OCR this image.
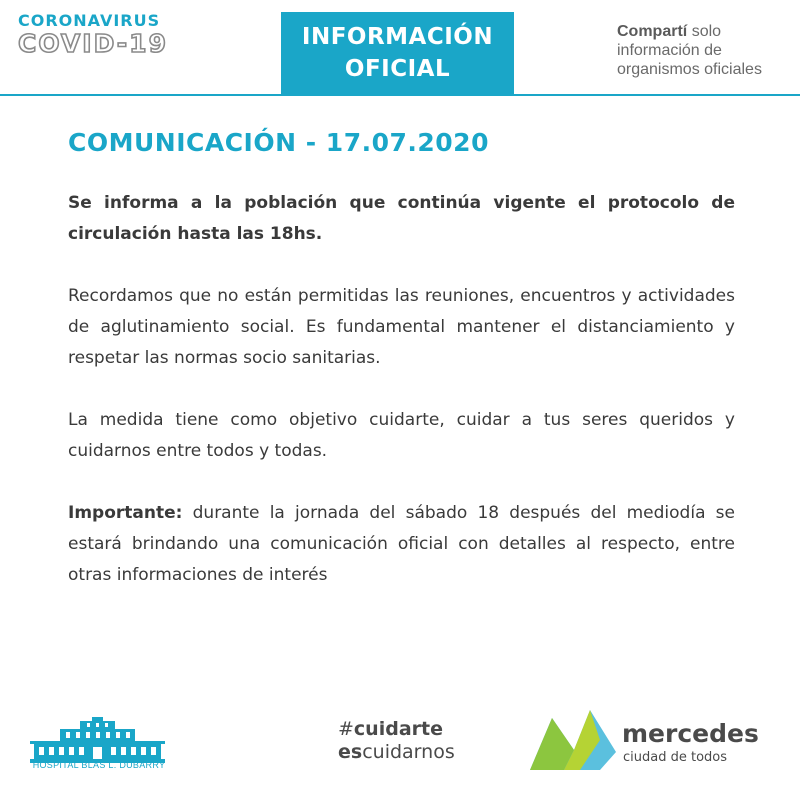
CORONAVIRUS
COVID-19	INFORMACIÓN
OFICIAL
Compartí solo
información de
organismos oficiales
COMUNICACIÓN - 17.07.2020

Se informa a la población que continúa vigente el protocolo de circulación hasta las 18hs.

Recordamos que no están permitidas las reuniones, encuentros y actividades de aglutinamiento social. Es fundamental mantener el distanciamiento y respetar las normas socio sanitarias.

La medida tiene como objetivo cuidarte, cuidar a tus seres queridos y cuidarnos entre todos y todas.

Importante: durante la jornada del sábado 18 después del mediodía se estará brindando una comunicación oficial con detalles al respecto, entre otras informaciones de interés

HOSPITAL BLAS L. DUBARRY
#cuidarte
escuidarnos
mercedes
ciudad de todos
